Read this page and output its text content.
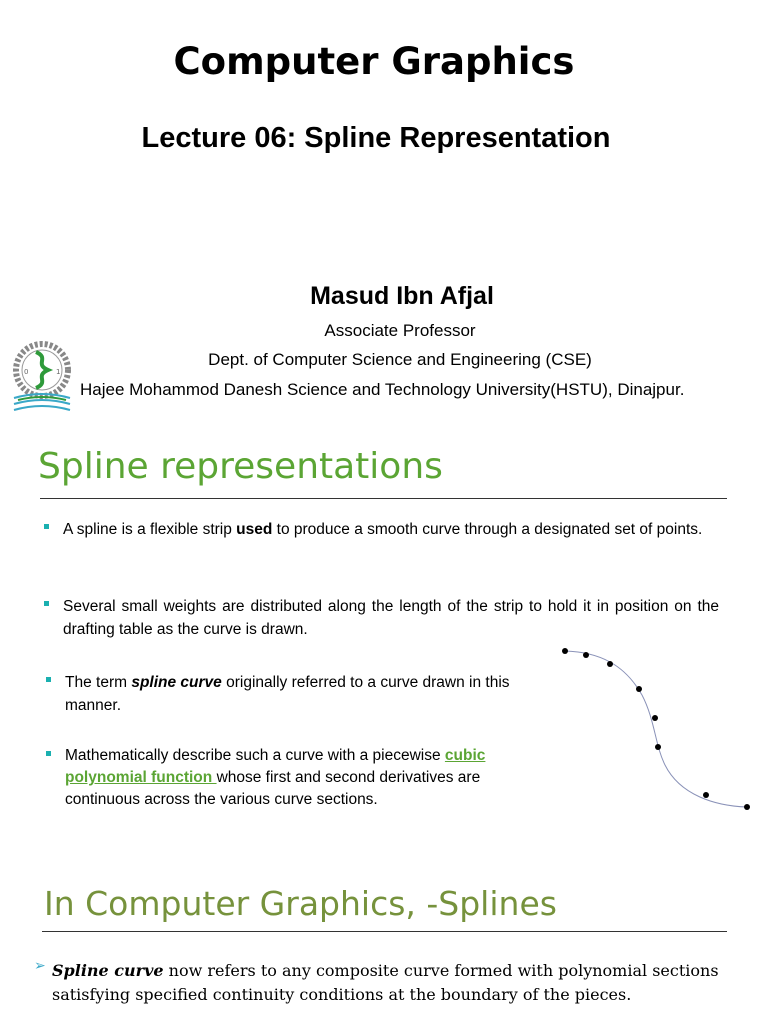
Computer Graphics
Lecture 06: Spline Representation
Masud Ibn Afjal
Associate Professor
Dept. of Computer Science and Engineering (CSE)
Hajee Mohammod Danesh Science and Technology University(HSTU), Dinajpur.
0	1
Spline representations
A spline is a flexible strip used to produce a smooth curve through a designated set of points.
Several small weights are distributed along the length of the strip to hold it in position on the drafting table as the curve is drawn.
The term spline curve originally referred to a curve drawn in this manner.
Mathematically describe such a curve with a piecewise cubic polynomial function whose first and second derivatives are continuous across the various curve sections.
In Computer Graphics, -Splines
➢ Spline curve now refers to any composite curve formed with polynomial sections satisfying specified continuity conditions at the boundary of the pieces.
